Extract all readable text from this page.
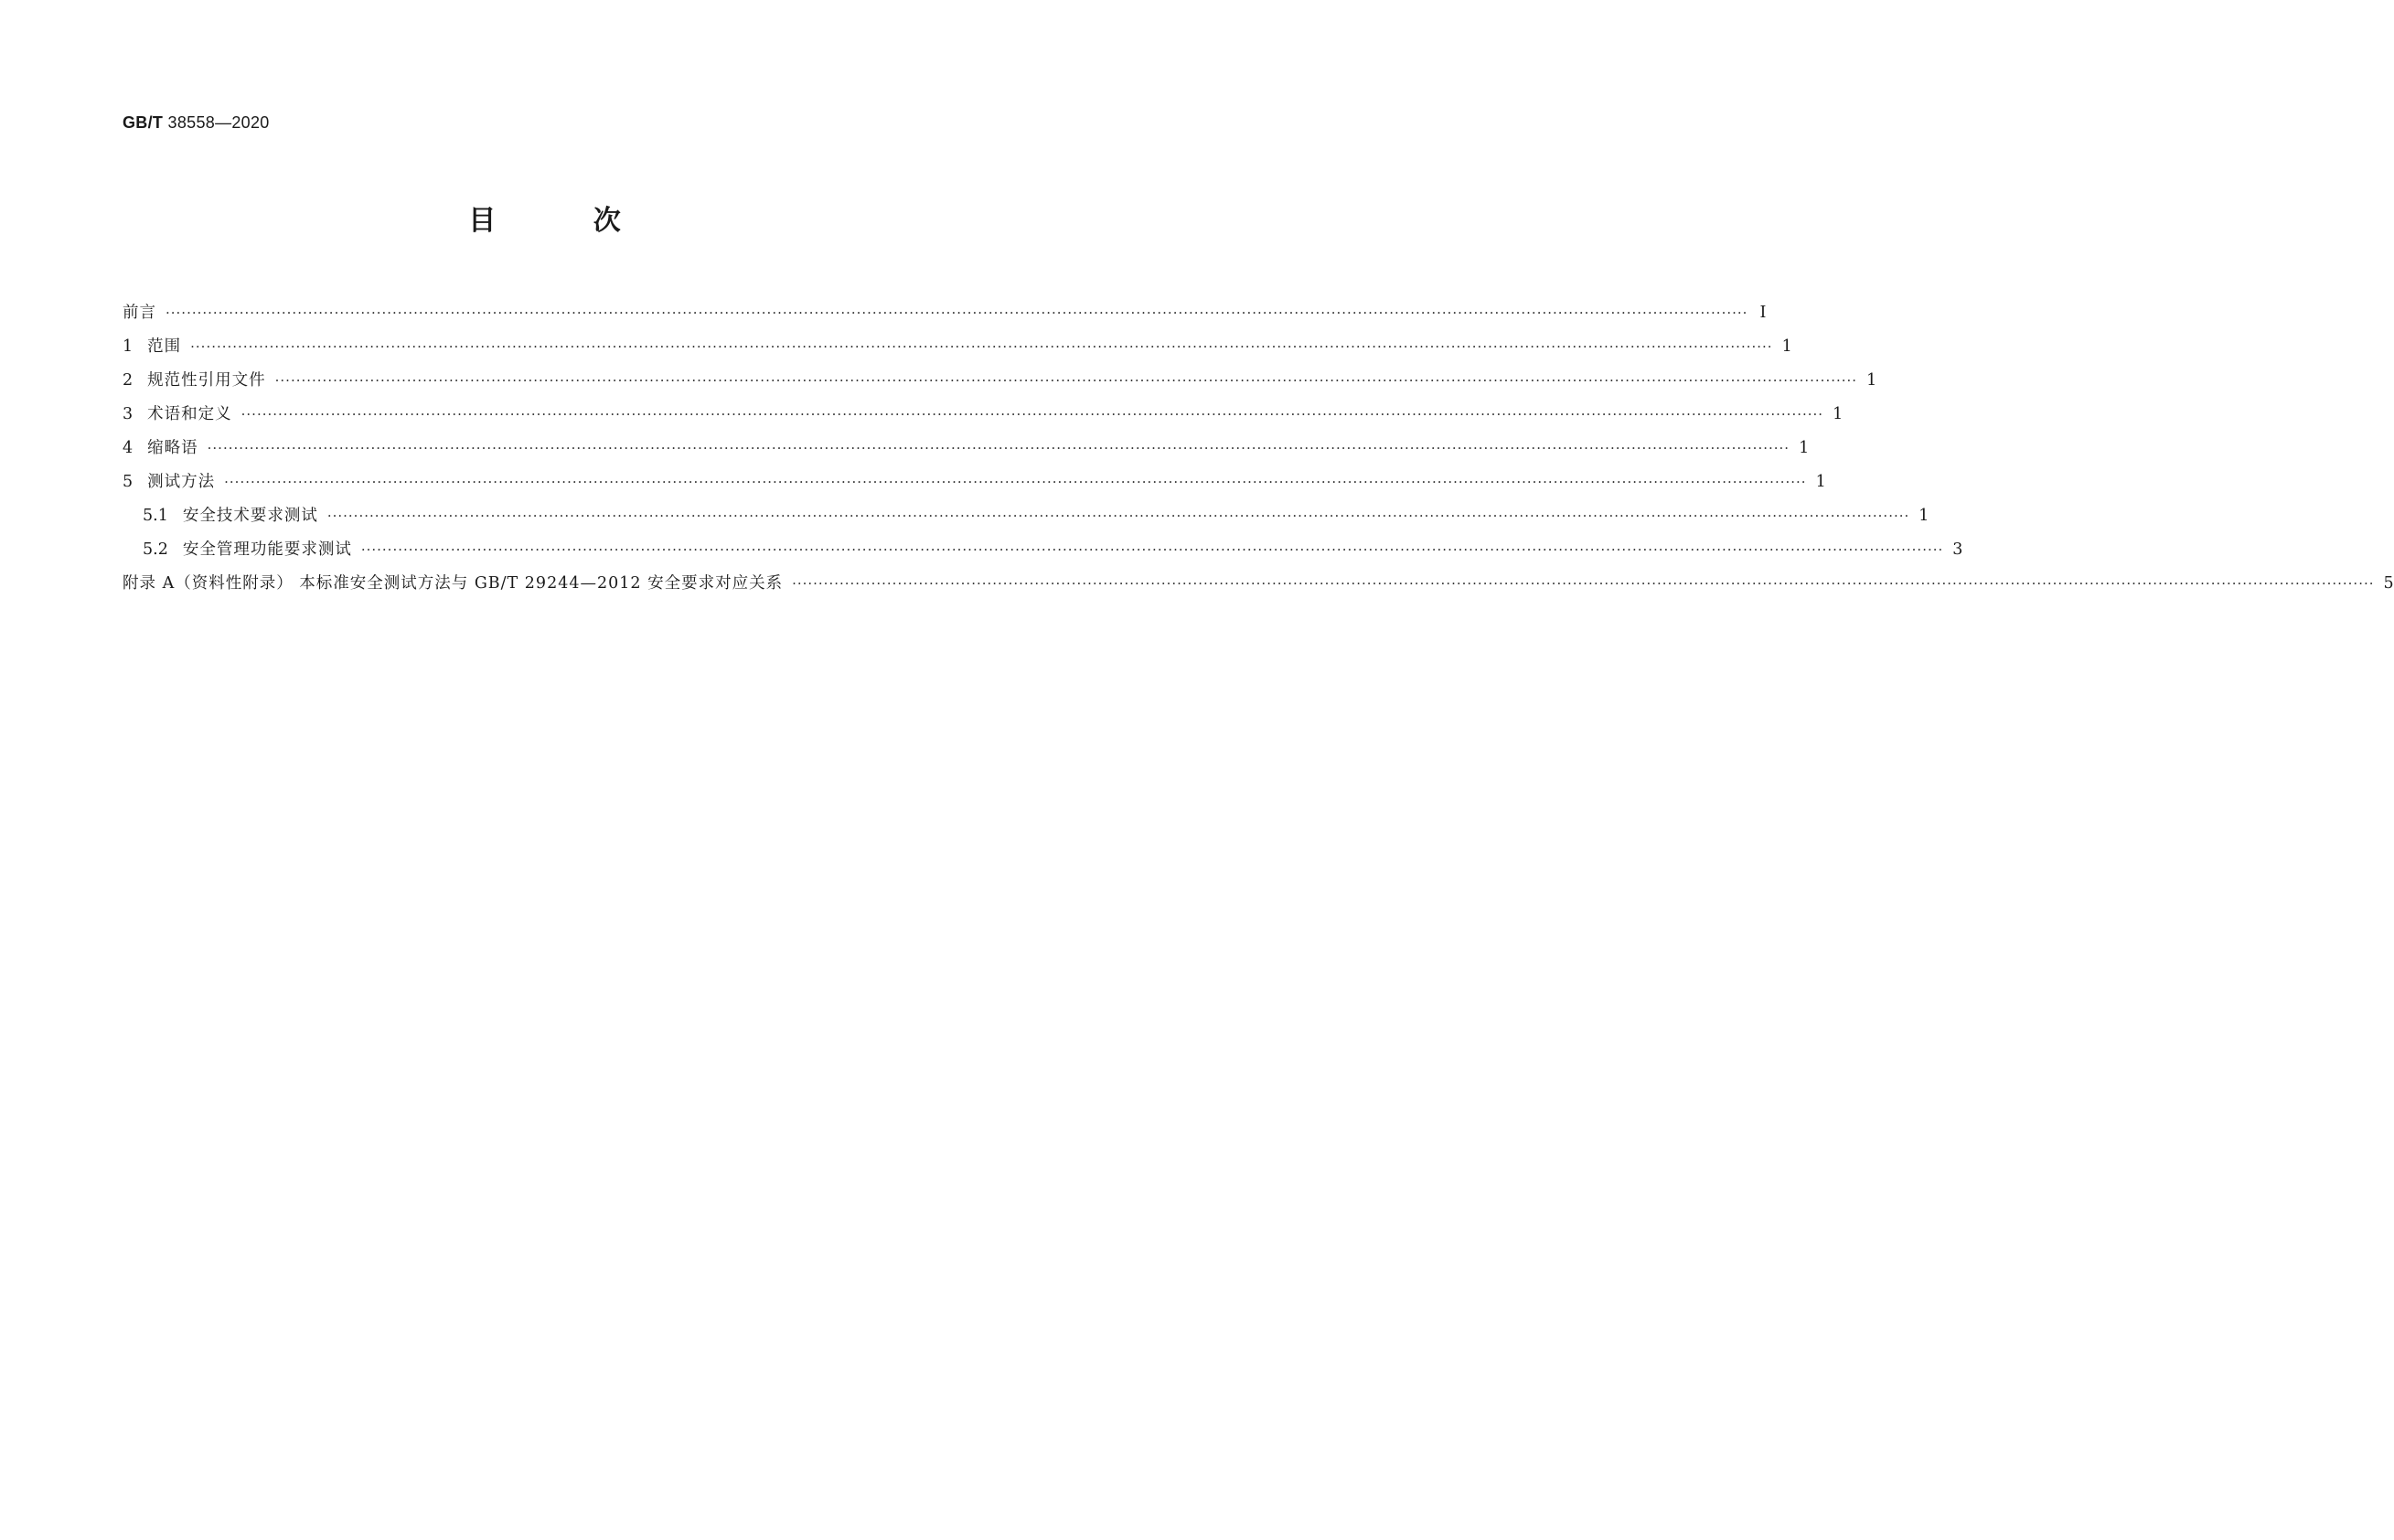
GB/T 38558—2020
目 次
前言 ············································································································································································································································································································ Ⅰ
1 范围 ············································································································································································································································································································ 1
2 规范性引用文件 ············································································································································································································································································································ 1
3 术语和定义 ············································································································································································································································································································ 1
4 缩略语 ············································································································································································································································································································ 1
5 测试方法 ············································································································································································································································································································ 1
5.1 安全技术要求测试 ············································································································································································································································································································ 1
5.2 安全管理功能要求测试 ············································································································································································································································································································ 3
附录 A（资料性附录） 本标准安全测试方法与 GB/T 29244—2012 安全要求对应关系 ············································································································································································································································································································ 5
